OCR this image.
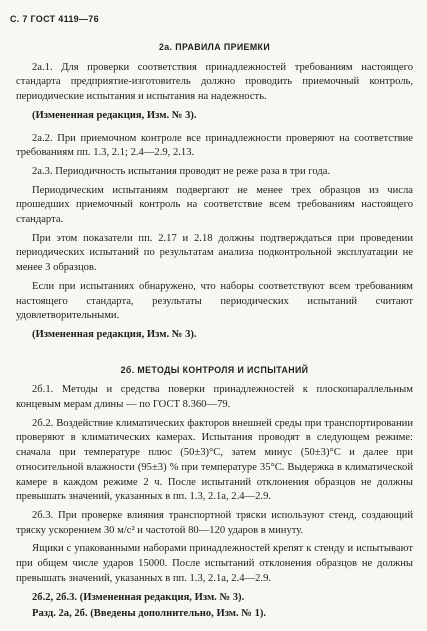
С. 7 ГОСТ 4119—76
2а. ПРАВИЛА ПРИЕМКИ

2а.1. Для проверки соответствия принадлежностей требованиям настоящего стандарта предприятие-изготовитель должно проводить приемочный контроль, периодические испытания и испытания на надежность.

(Измененная редакция, Изм. № 3).

2а.2. При приемочном контроле все принадлежности проверяют на соответствие требованиям пп. 1.3, 2.1; 2.4—2.9, 2.13.

2а.3. Периодичность испытания проводят не реже раза в три года.

Периодическим испытаниям подвергают не менее трех образцов из числа прошедших приемочный контроль на соответствие всем требованиям настоящего стандарта.

При этом показатели пп. 2.17 и 2.18 должны подтверждаться при проведении периодических испытаний по результатам анализа подконтрольной эксплуатации не менее 3 образцов.

Если при испытаниях обнаружено, что наборы соответствуют всем требованиям настоящего стандарта, результаты периодических испытаний считают удовлетворительными.

(Измененная редакция, Изм. № 3).

2б. МЕТОДЫ КОНТРОЛЯ И ИСПЫТАНИЙ

2б.1. Методы и средства поверки принадлежностей к плоскопараллельным концевым мерам длины — по ГОСТ 8.360—79.

2б.2. Воздействие климатических факторов внешней среды при транспортировании проверяют в климатических камерах. Испытания проводят в следующем режиме: сначала при температуре плюс (50±3)°С, затем минус (50±3)°С и далее при относительной влажности (95±3) % при температуре 35°С. Выдержка в климатической камере в каждом режиме 2 ч. После испытаний отклонения образцов не должны превышать значений, указанных в пп. 1.3, 2.1а, 2.4—2.9.

2б.3. При проверке влияния транспортной тряски используют стенд, создающий тряску ускорением 30 м/с² и частотой 80—120 ударов в минуту.

Ящики с упакованными наборами принадлежностей крепят к стенду и испытывают при общем числе ударов 15000. После испытаний отклонения образцов не должны превышать значений, указанных в пп. 1.3, 2.1а, 2.4—2.9.

2б.2, 2б.3. (Измененная редакция, Изм. № 3).

Разд. 2а, 2б. (Введены дополнительно, Изм. № 1).
